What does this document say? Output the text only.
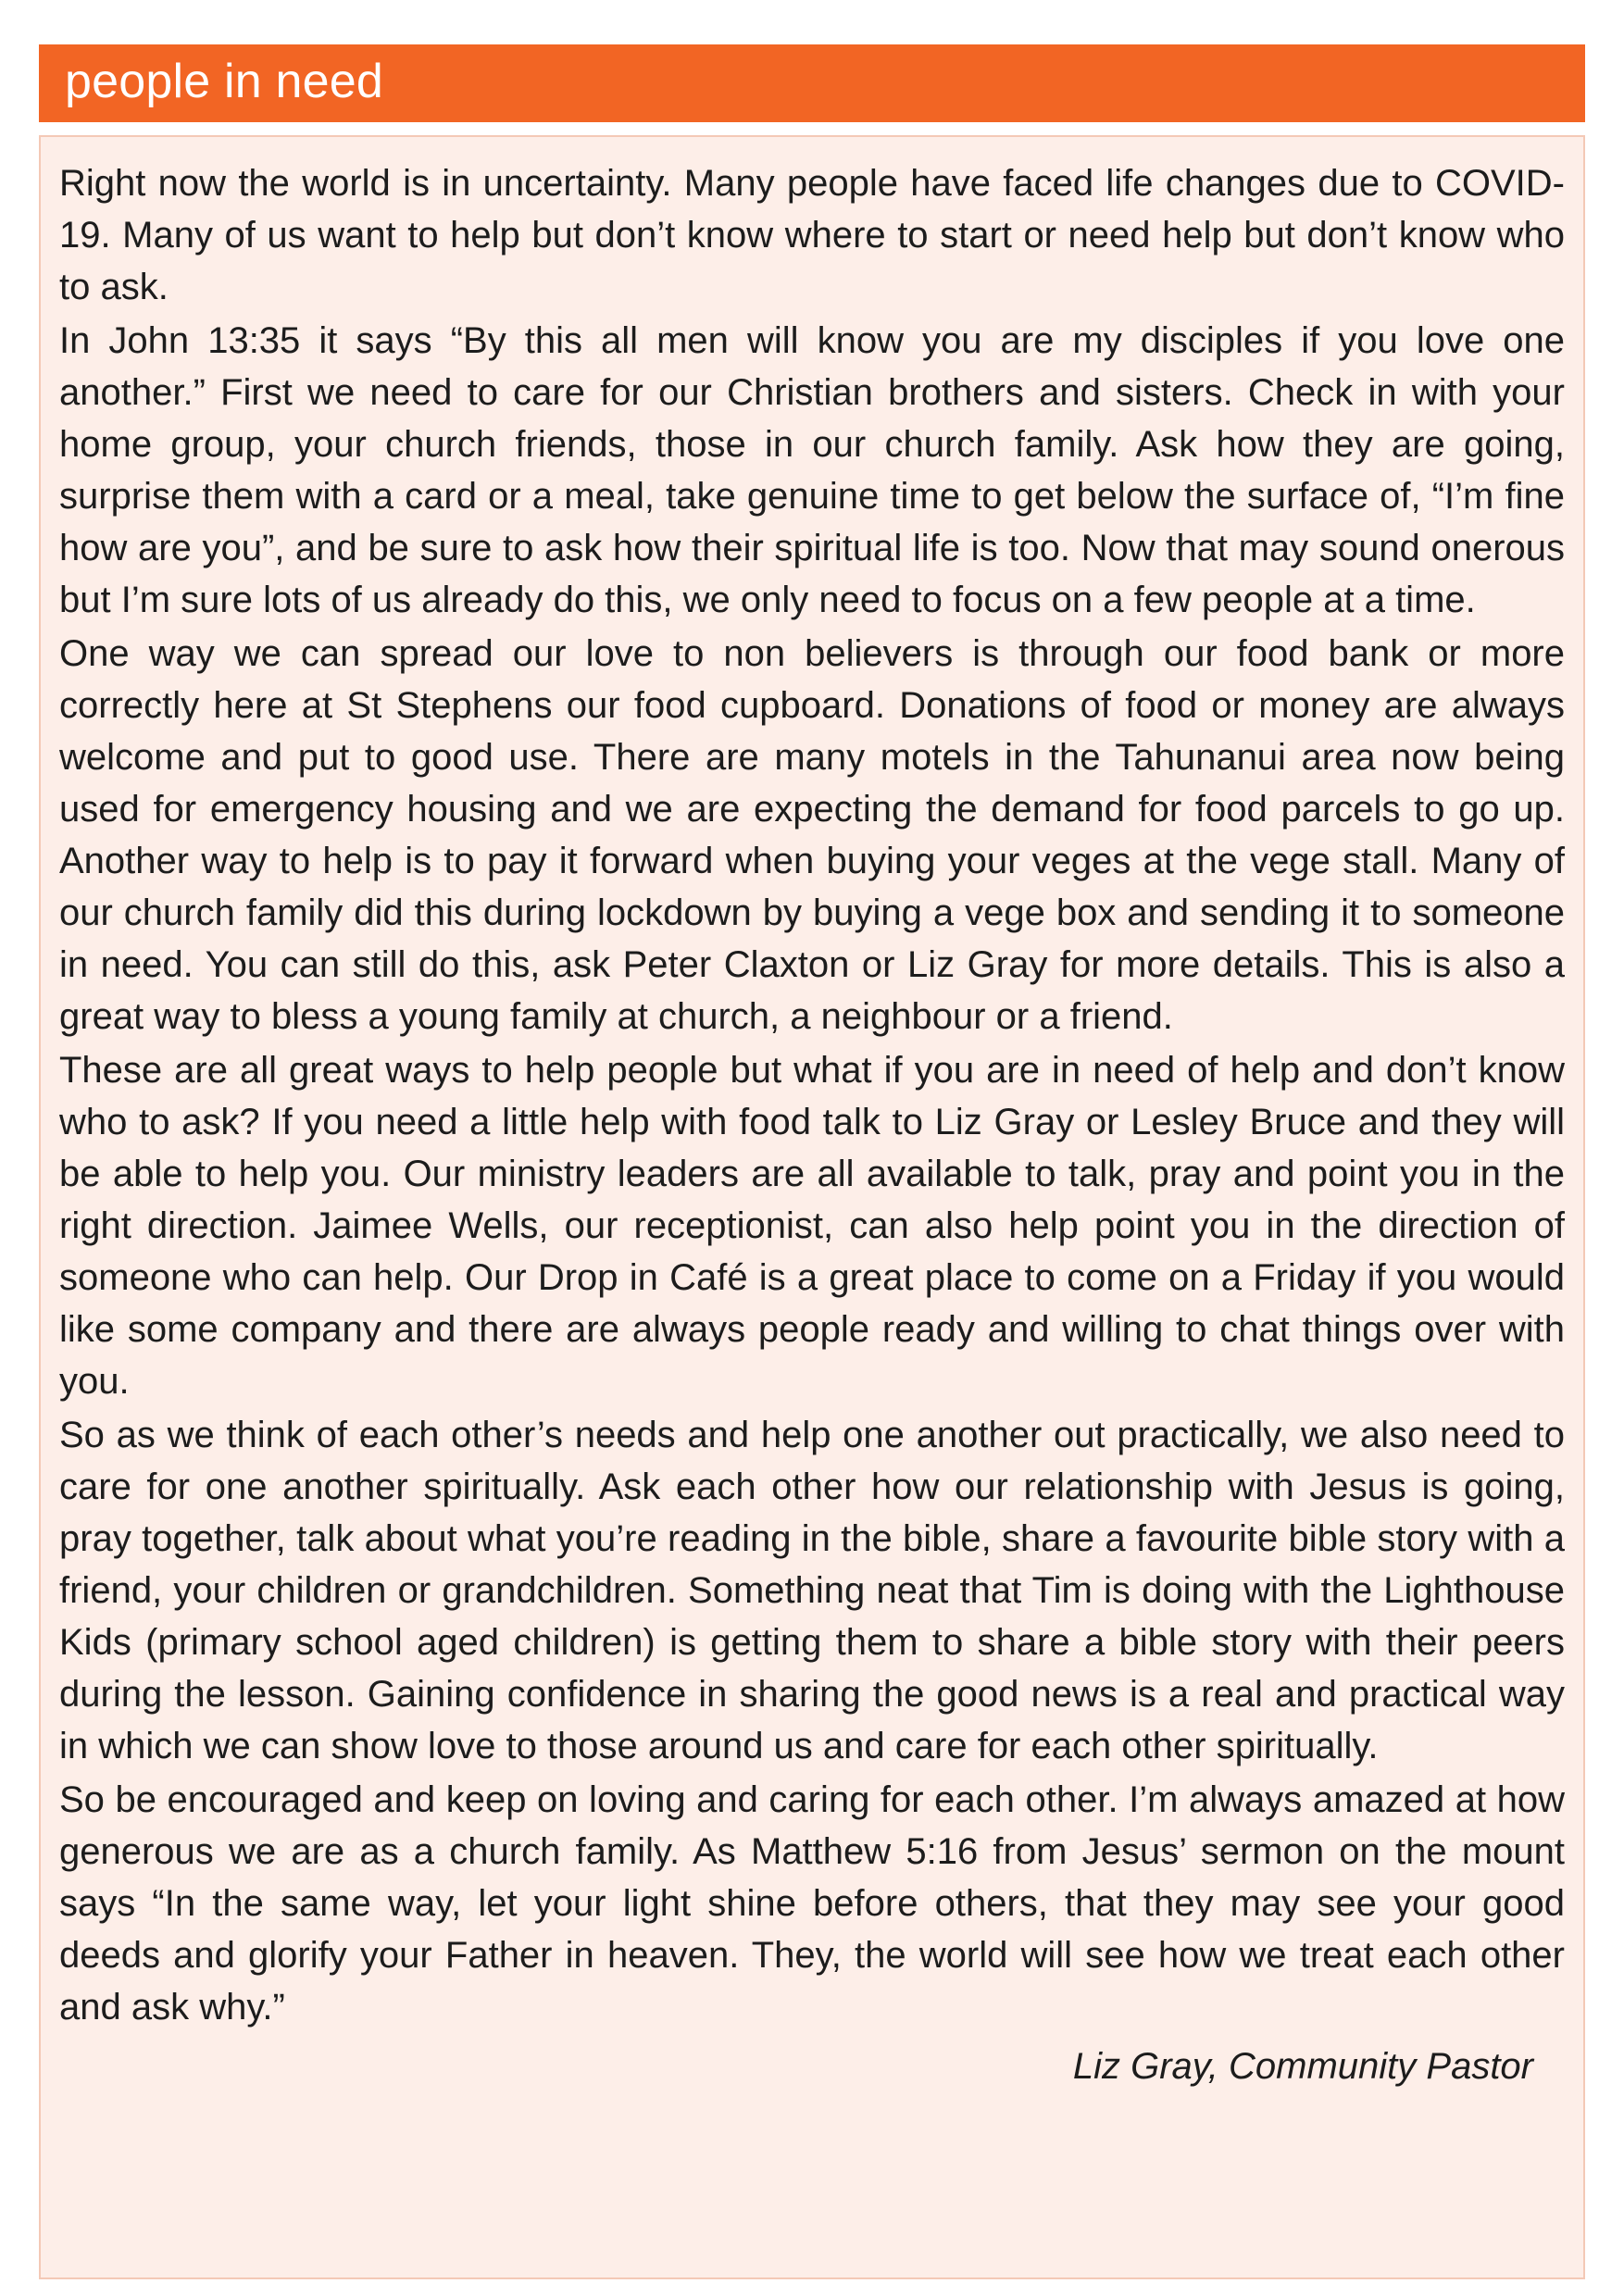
people in need

Right now the world is in uncertainty. Many people have faced life changes due to COVID-19. Many of us want to help but don’t know where to start or need help but don’t know who to ask.

In John 13:35 it says “By this all men will know you are my disciples if you love one another.” First we need to care for our Christian brothers and sisters. Check in with your home group, your church friends, those in our church family. Ask how they are going, surprise them with a card or a meal, take genuine time to get below the surface of, “I’m fine how are you”, and be sure to ask how their spiritual life is too. Now that may sound onerous but I’m sure lots of us already do this, we only need to focus on a few people at a time.

One way we can spread our love to non believers is through our food bank or more correctly here at St Stephens our food cupboard. Donations of food or money are always welcome and put to good use. There are many motels in the Tahunanui area now being used for emergency housing and we are expecting the demand for food parcels to go up. Another way to help is to pay it forward when buying your veges at the vege stall. Many of our church family did this during lockdown by buying a vege box and sending it to someone in need. You can still do this, ask Peter Claxton or Liz Gray for more details. This is also a great way to bless a young family at church, a neighbour or a friend.

These are all great ways to help people but what if you are in need of help and don’t know who to ask? If you need a little help with food talk to Liz Gray or Lesley Bruce and they will be able to help you. Our ministry leaders are all available to talk, pray and point you in the right direction. Jaimee Wells, our receptionist, can also help point you in the direction of someone who can help. Our Drop in Café is a great place to come on a Friday if you would like some company and there are always people ready and willing to chat things over with you.

So as we think of each other’s needs and help one another out practically, we also need to care for one another spiritually. Ask each other how our relationship with Jesus is going, pray together, talk about what you’re reading in the bible, share a favourite bible story with a friend, your children or grandchildren. Something neat that Tim is doing with the Lighthouse Kids (primary school aged children) is getting them to share a bible story with their peers during the lesson. Gaining confidence in sharing the good news is a real and practical way in which we can show love to those around us and care for each other spiritually.

So be encouraged and keep on loving and caring for each other. I’m always amazed at how generous we are as a church family. As Matthew 5:16 from Jesus’ sermon on the mount says “In the same way, let your light shine before others, that they may see your good deeds and glorify your Father in heaven. They, the world will see how we treat each other and ask why.”

Liz Gray, Community Pastor
